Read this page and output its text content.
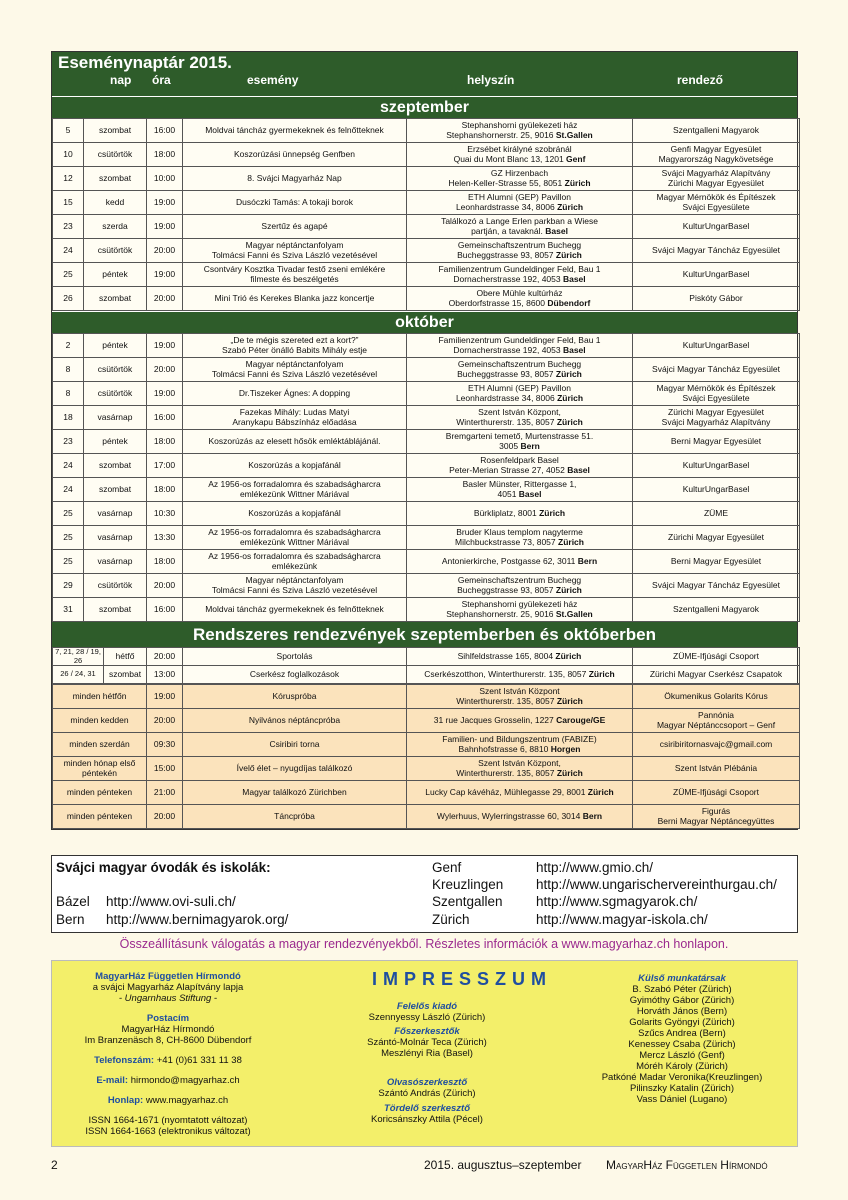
Eseménynaptár 2015.
nap óra	esemény	helyszín	rendező
szeptember
5	szombat	16:00	Moldvai táncház gyermekeknek és felnőtteknek	Stephanshorni gyülekezeti ház
Stephanshornerstr. 25, 9016 St.Gallen	Szentgalleni Magyarok
10	csütörtök	18:00	Koszorúzási ünnepség Genfben	Erzsébet királyné szobránál
Quai du Mont Blanc 13, 1201 Genf	Genfi Magyar Egyesület
Magyarország Nagykövetsége
12	szombat	10:00	8. Svájci Magyarház Nap	GZ Hirzenbach
Helen-Keller-Strasse 55, 8051 Zürich	Svájci Magyarház Alapítvány
Zürichi Magyar Egyesület
15	kedd	19:00	Dusóczki Tamás: A tokaji borok	ETH Alumni (GEP) Pavillon
Leonhardstrasse 34, 8006 Zürich	Magyar Mérnökök és Építészek
Svájci Egyesülete
23	szerda	19:00	Szertűz és agapé	Találkozó a Lange Erlen parkban a Wiese
partján, a tavaknál. Basel	KulturUngarBasel
24	csütörtök	20:00	Magyar néptánctanfolyam
Tolmácsi Fanni és Sziva László vezetésével	Gemeinschaftszentrum Buchegg
Bucheggstrasse 93, 8057 Zürich	Svájci Magyar Táncház Egyesület
25	péntek	19:00	Csontváry Kosztka Tivadar festő zseni emlékére
filmeste és beszélgetés	Familienzentrum Gundeldinger Feld, Bau 1
Dornacherstrasse 192, 4053 Basel	KulturUngarBasel
26	szombat	20:00	Mini Trió és Kerekes Blanka jazz koncertje	Obere Mühle kultúrház
Oberdorfstrasse 15, 8600 Dübendorf	Piskóty Gábor
október
2	péntek	19:00	„De te mégis szereted ezt a kort?”
Szabó Péter önálló Babits Mihály estje	Familienzentrum Gundeldinger Feld, Bau 1
Dornacherstrasse 192, 4053 Basel	KulturUngarBasel
8	csütörtök	20:00	Magyar néptánctanfolyam
Tolmácsi Fanni és Sziva László vezetésével	Gemeinschaftszentrum Buchegg
Bucheggstrasse 93, 8057 Zürich	Svájci Magyar Táncház Egyesület
8	csütörtök	19:00	Dr.Tiszeker Ágnes: A dopping	ETH Alumni (GEP) Pavillon
Leonhardstrasse 34, 8006 Zürich	Magyar Mérnökök és Építészek
Svájci Egyesülete
18	vasárnap	16:00	Fazekas Mihály: Ludas Matyi
Aranykapu Bábszínház előadása	Szent István Központ,
Winterthurerstr. 135, 8057 Zürich	Zürichi Magyar Egyesület
Svájci Magyarház Alapítvány
23	péntek	18:00	Koszorúzás az elesett hősök emléktáblájánál.	Bremgarteni temető, Murtenstrasse 51.
3005 Bern	Berni Magyar Egyesület
24	szombat	17:00	Koszorúzás a kopjafánál	Rosenfeldpark Basel
Peter-Merian Strasse 27, 4052 Basel	KulturUngarBasel
24	szombat	18:00	Az 1956-os forradalomra és szabadságharcra
emlékezünk Wittner Máriával	Basler Münster, Rittergasse 1,
4051 Basel	KulturUngarBasel
25	vasárnap	10:30	Koszorúzás a kopjafánál	Bürkliplatz, 8001 Zürich	ZÜME
25	vasárnap	13:30	Az 1956-os forradalomra és szabadságharcra
emlékezünk Wittner Máriával	Bruder Klaus templom nagyterme
Milchbuckstrasse 73, 8057 Zürich	Zürichi Magyar Egyesület
25	vasárnap	18:00	Az 1956-os forradalomra és szabadságharcra
emlékezünk	Antonierkirche, Postgasse 62, 3011 Bern	Berni Magyar Egyesület
29	csütörtök	20:00	Magyar néptánctanfolyam
Tolmácsi Fanni és Sziva László vezetésével	Gemeinschaftszentrum Buchegg
Bucheggstrasse 93, 8057 Zürich	Svájci Magyar Táncház Egyesület
31	szombat	16:00	Moldvai táncház gyermekeknek és felnőtteknek	Stephanshorni gyülekezeti ház
Stephanshornerstr. 25, 9016 St.Gallen	Szentgalleni Magyarok
Rendszeres rendezvények szeptemberben és októberben
7, 21, 28 / 19, 26	hétfő	20:00	Sportolás	Sihlfeldstrasse 165, 8004 Zürich	ZÜME-Ifjúsági Csoport
26 / 24, 31	szombat	13:00	Cserkész foglalkozások	Cserkészotthon, Winterthurerstr. 135, 8057 Zürich	Zürichi Magyar Cserkész Csapatok
minden hétfőn	19:00	Kóruspróba	Szent István Központ
Winterthurerstr. 135, 8057 Zürich	Ökumenikus Golarits Kórus
minden kedden	20:00	Nyilvános néptáncpróba	31 rue Jacques Grosselin, 1227 Carouge/GE	Pannónia
Magyar Néptánccsoport – Genf
minden szerdán	09:30	Csiribiri torna	Familien- und Bildungszentrum (FABIZE)
Bahnhofstrasse 6, 8810 Horgen	csiribiritornasvajc@gmail.com
minden hónap első
péntekén	15:00	Ívelő élet – nyugdíjas találkozó	Szent István Központ,
Winterthurerstr. 135, 8057 Zürich	Szent István Plébánia
minden pénteken	21:00	Magyar találkozó Zürichben	Lucky Cap kávéház, Mühlegasse 29, 8001 Zürich	ZÜME-Ifjúsági Csoport
minden pénteken	20:00	Táncpróba	Wylerhuus, Wylerringstrasse 60, 3014 Bern	Figurás
Berni Magyar Néptáncegyüttes
Svájci magyar óvodák és iskolák:
Bázel http://www.ovi-suli.ch/
Bern http://www.bernimagyarok.org/
Genf	http://www.gmio.ch/
Kreuzlingen http://www.ungarischervereinthurgau.ch/
Szentgallen http://www.sgmagyarok.ch/
Zürich	http://www.magyar-iskola.ch/
Összeállításunk válogatás a magyar rendezvényekből. Részletes információk a www.magyarhaz.ch honlapon.
MagyarHáz Független Hírmondó
a svájci Magyarház Alapítvány lapja
- Ungarnhaus Stiftung -
Postacím
MagyarHáz Hírmondó
Im Branzenäsch 8, CH-8600 Dübendorf
Telefonszám: +41 (0)61 331 11 38
E-mail: hirmondo@magyarhaz.ch
Honlap: www.magyarhaz.ch
ISSN 1664-1671 (nyomtatott változat)
ISSN 1664-1663 (elektronikus változat)
IMPRESSZUM
Felelős kiadó
Szennyessy László (Zürich)
Főszerkesztők
Szántó-Molnár Teca (Zürich)
Meszlényi Ria (Basel)
Olvasószerkesztő
Szántó András (Zürich)
Tördelő szerkesztő
Koricsánszky Attila (Pécel)
Külső munkatársak
B. Szabó Péter (Zürich)
Gyimóthy Gábor (Zürich)
Horváth János (Bern)
Golarits Gyöngyi (Zürich)
Szűcs Andrea (Bern)
Kenessey Csaba (Zürich)
Mercz László (Genf)
Móréh Károly (Zürich)
Patkóné Madar Veronika(Kreuzlingen)
Pilinszky Katalin (Zürich)
Vass Dániel (Lugano)
2	2015. augusztus–szeptember MagyarHáz Független Hírmondó
